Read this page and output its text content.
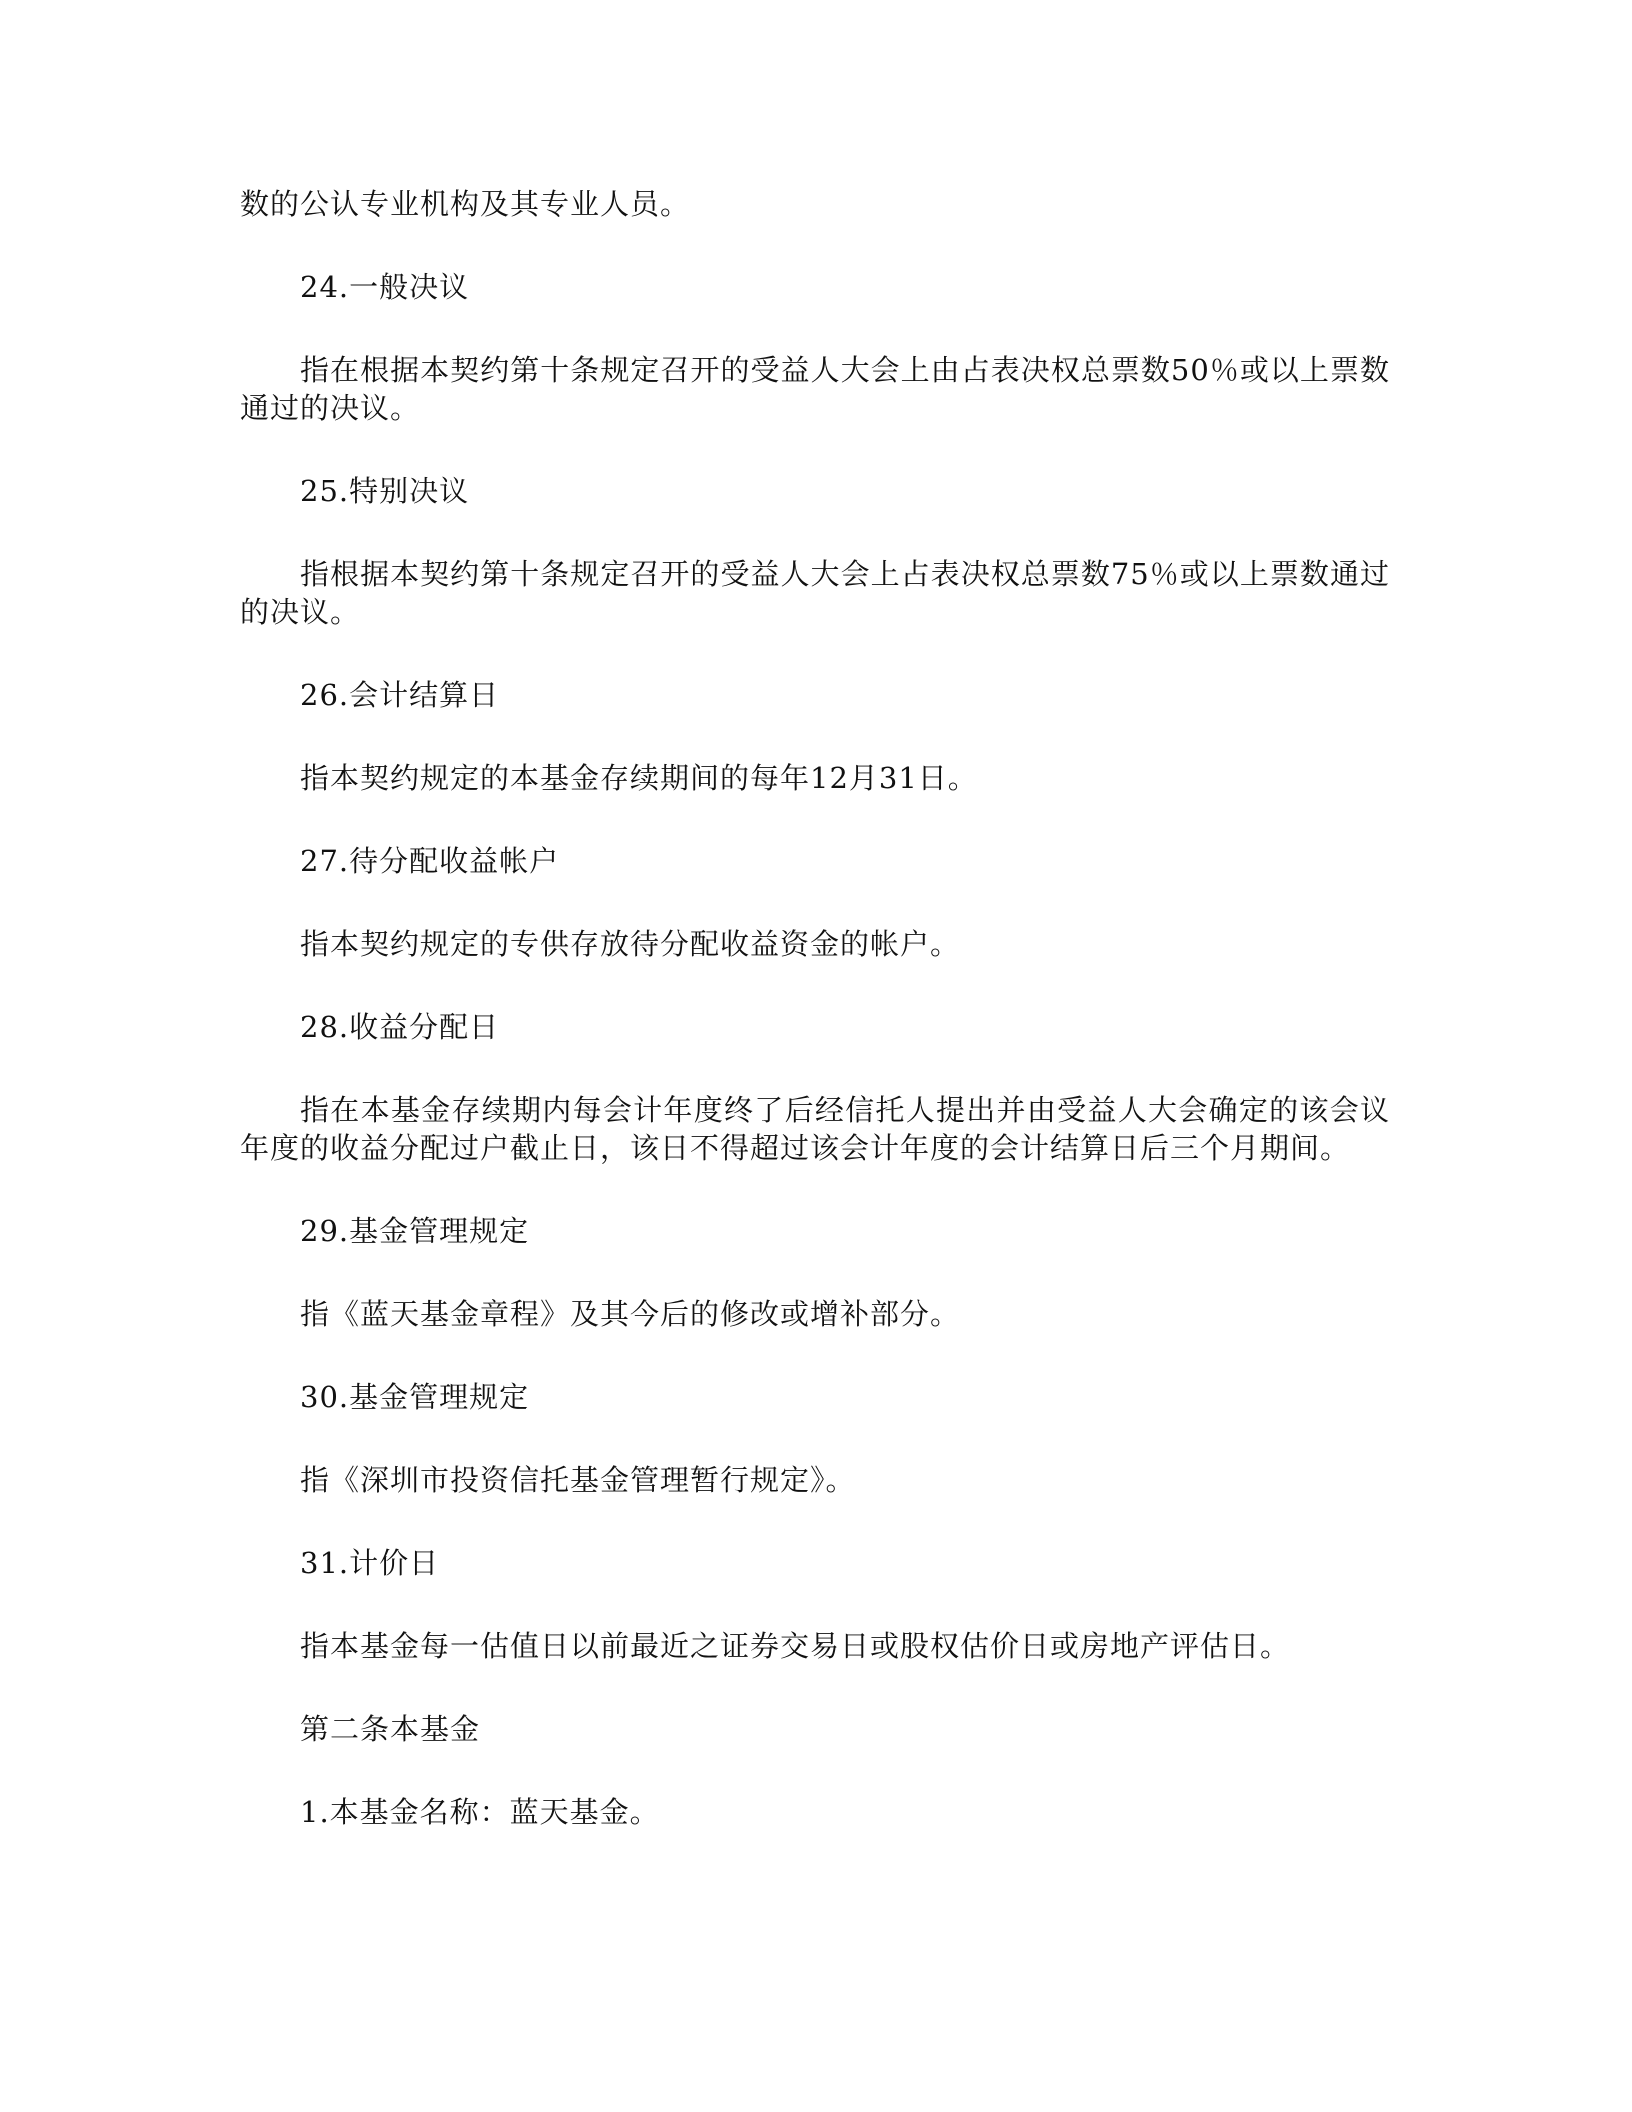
数的公认专业机构及其专业人员。

24.一般决议

指在根据本契约第十条规定召开的受益人大会上由占表决权总票数50％或以上票数通过的决议。

25.特别决议

指根据本契约第十条规定召开的受益人大会上占表决权总票数75％或以上票数通过的决议。

26.会计结算日

指本契约规定的本基金存续期间的每年12月31日。

27.待分配收益帐户

指本契约规定的专供存放待分配收益资金的帐户。

28.收益分配日

指在本基金存续期内每会计年度终了后经信托人提出并由受益人大会确定的该会议年度的收益分配过户截止日，该日不得超过该会计年度的会计结算日后三个月期间。

29.基金管理规定

指《蓝天基金章程》及其今后的修改或增补部分。

30.基金管理规定

指《深圳市投资信托基金管理暂行规定》。

31.计价日

指本基金每一估值日以前最近之证券交易日或股权估价日或房地产评估日。

第二条本基金

1.本基金名称：蓝天基金。
